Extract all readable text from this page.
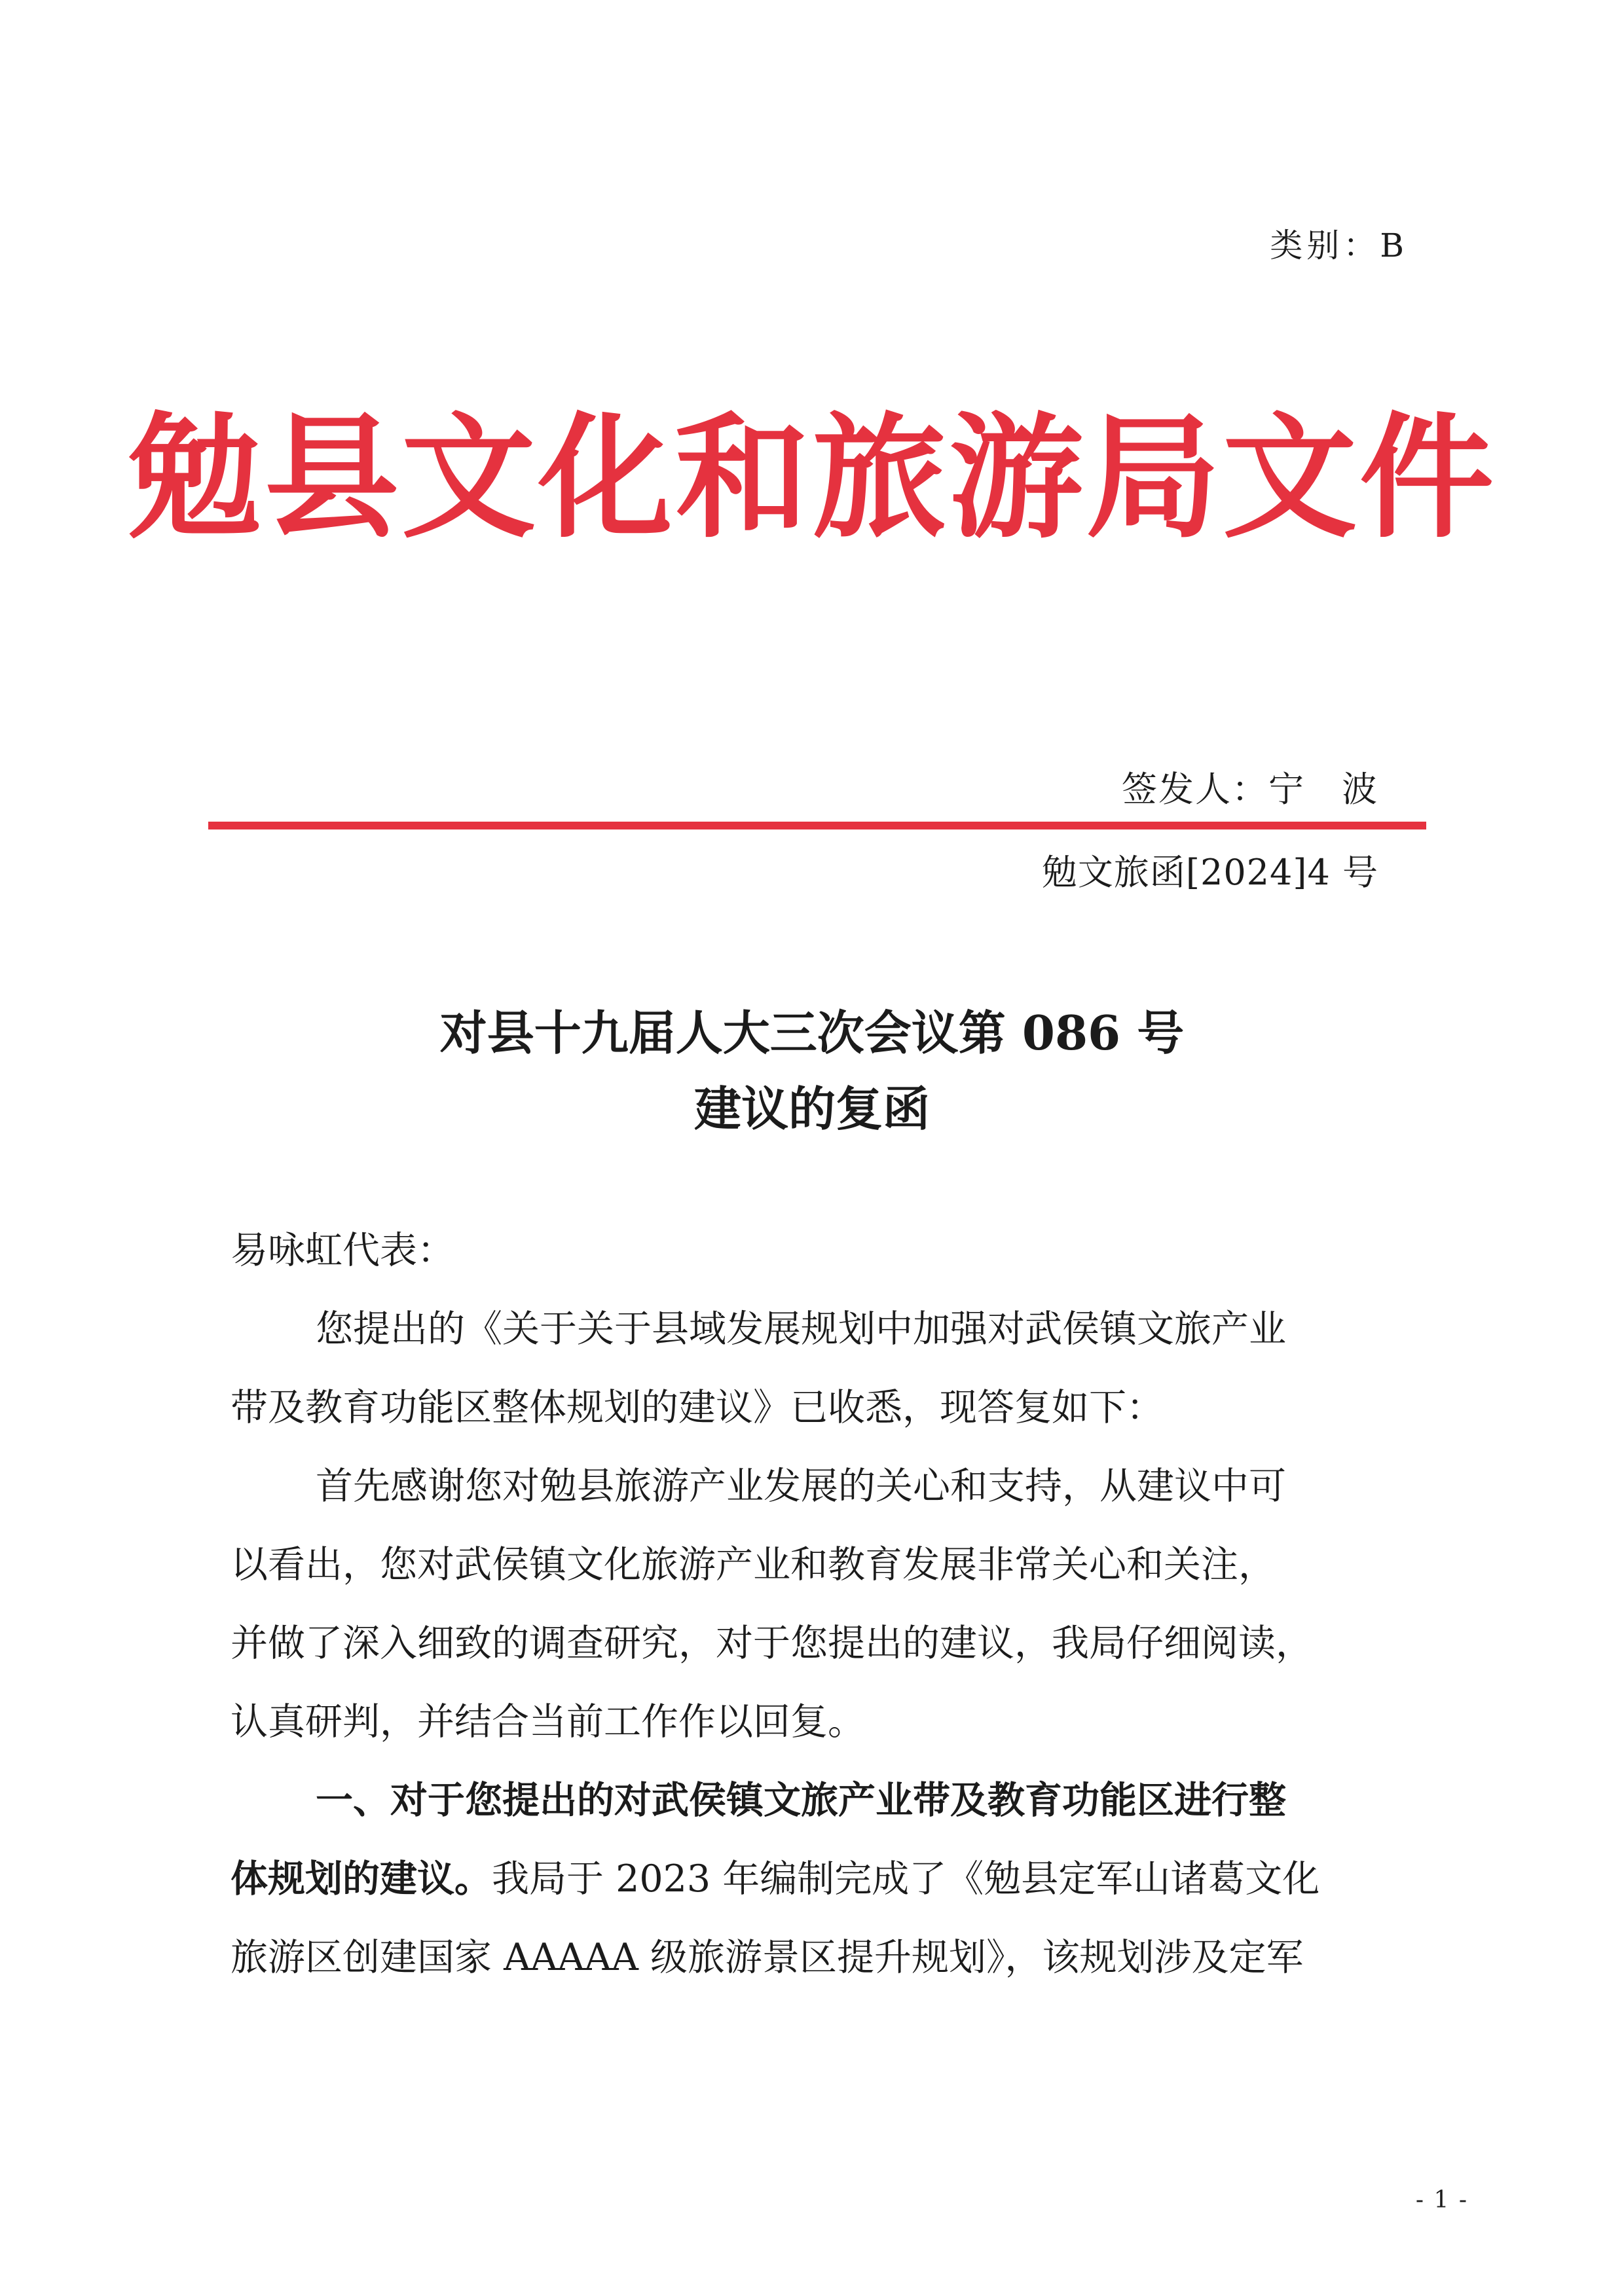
类别：B
勉县文化和旅游局文件
签发人：宁　波
勉文旅函[2024]4 号
对县十九届人大三次会议第 086 号
建议的复函
易咏虹代表：
您提出的《关于关于县域发展规划中加强对武侯镇文旅产业
带及教育功能区整体规划的建议》已收悉，现答复如下：
首先感谢您对勉县旅游产业发展的关心和支持，从建议中可
以看出，您对武侯镇文化旅游产业和教育发展非常关心和关注，
并做了深入细致的调查研究，对于您提出的建议，我局仔细阅读，
认真研判，并结合当前工作作以回复。
一、对于您提出的对武侯镇文旅产业带及教育功能区进行整
体规划的建议。我局于 2023 年编制完成了《勉县定军山诸葛文化
旅游区创建国家 AAAAA 级旅游景区提升规划》，该规划涉及定军
- 1 -
